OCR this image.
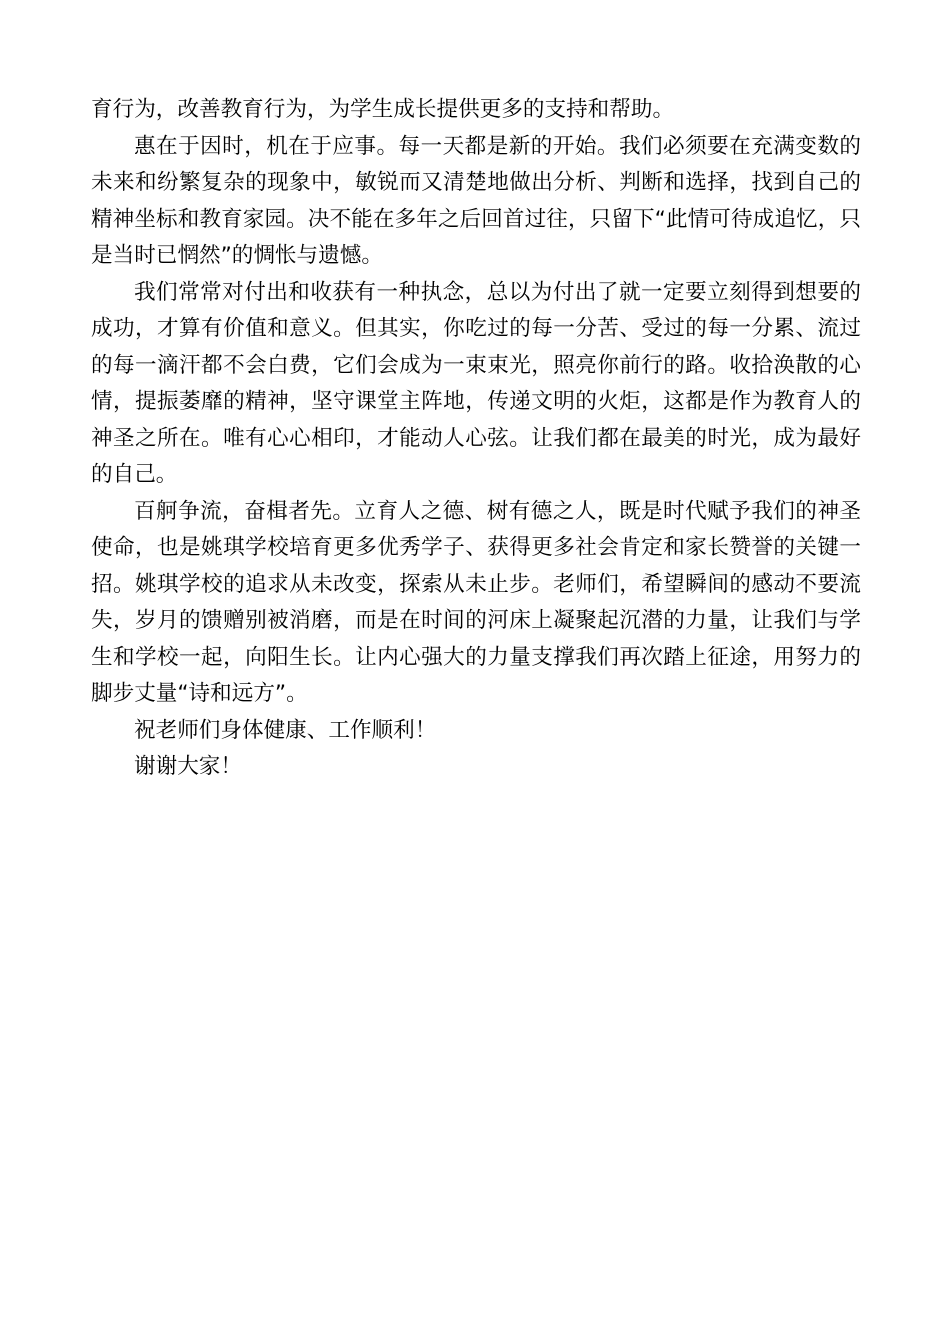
育行为，改善教育行为，为学生成长提供更多的支持和帮助。

惠在于因时，机在于应事。每一天都是新的开始。我们必须要在充满变数的未来和纷繁复杂的现象中，敏锐而又清楚地做出分析、判断和选择，找到自己的精神坐标和教育家园。决不能在多年之后回首过往，只留下“此情可待成追忆，只是当时已惘然”的惆怅与遗憾。

我们常常对付出和收获有一种执念，总以为付出了就一定要立刻得到想要的成功，才算有价值和意义。但其实，你吃过的每一分苦、受过的每一分累、流过的每一滴汗都不会白费，它们会成为一束束光，照亮你前行的路。收拾涣散的心情，提振萎靡的精神，坚守课堂主阵地，传递文明的火炬，这都是作为教育人的神圣之所在。唯有心心相印，才能动人心弦。让我们都在最美的时光，成为最好的自己。

百舸争流，奋楫者先。立育人之德、树有德之人，既是时代赋予我们的神圣使命，也是姚琪学校培育更多优秀学子、获得更多社会肯定和家长赞誉的关键一招。姚琪学校的追求从未改变，探索从未止步。老师们，希望瞬间的感动不要流失，岁月的馈赠别被消磨，而是在时间的河床上凝聚起沉潜的力量，让我们与学生和学校一起，向阳生长。让内心强大的力量支撑我们再次踏上征途，用努力的脚步丈量“诗和远方”。

祝老师们身体健康、工作顺利！

谢谢大家！
